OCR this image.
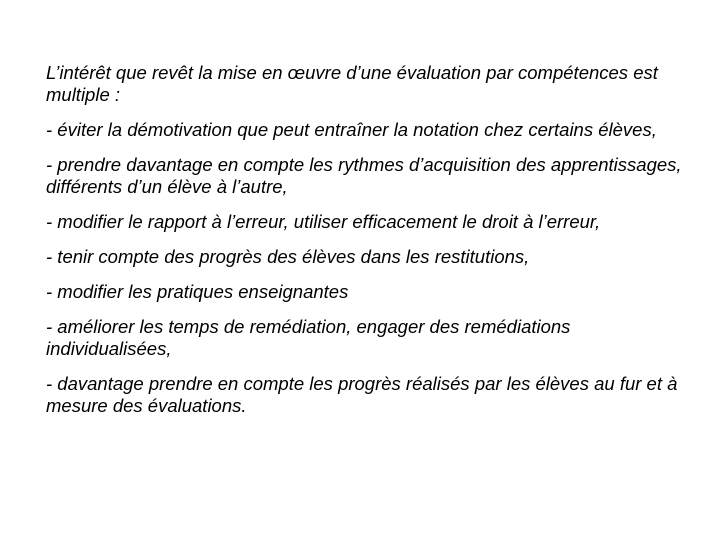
L’intérêt que revêt la mise en œuvre d’une évaluation par compétences est multiple :

- éviter la démotivation que peut entraîner la notation chez certains élèves,

- prendre davantage en compte les rythmes d’acquisition des apprentissages, différents d’un élève à l’autre,

- modifier le rapport à l’erreur, utiliser efficacement le droit à l’erreur,

- tenir compte des progrès des élèves dans les restitutions,

- modifier les pratiques enseignantes

- améliorer les temps de remédiation, engager des remédiations individualisées,

- davantage prendre en compte les progrès réalisés par les élèves au fur et à mesure des évaluations.
